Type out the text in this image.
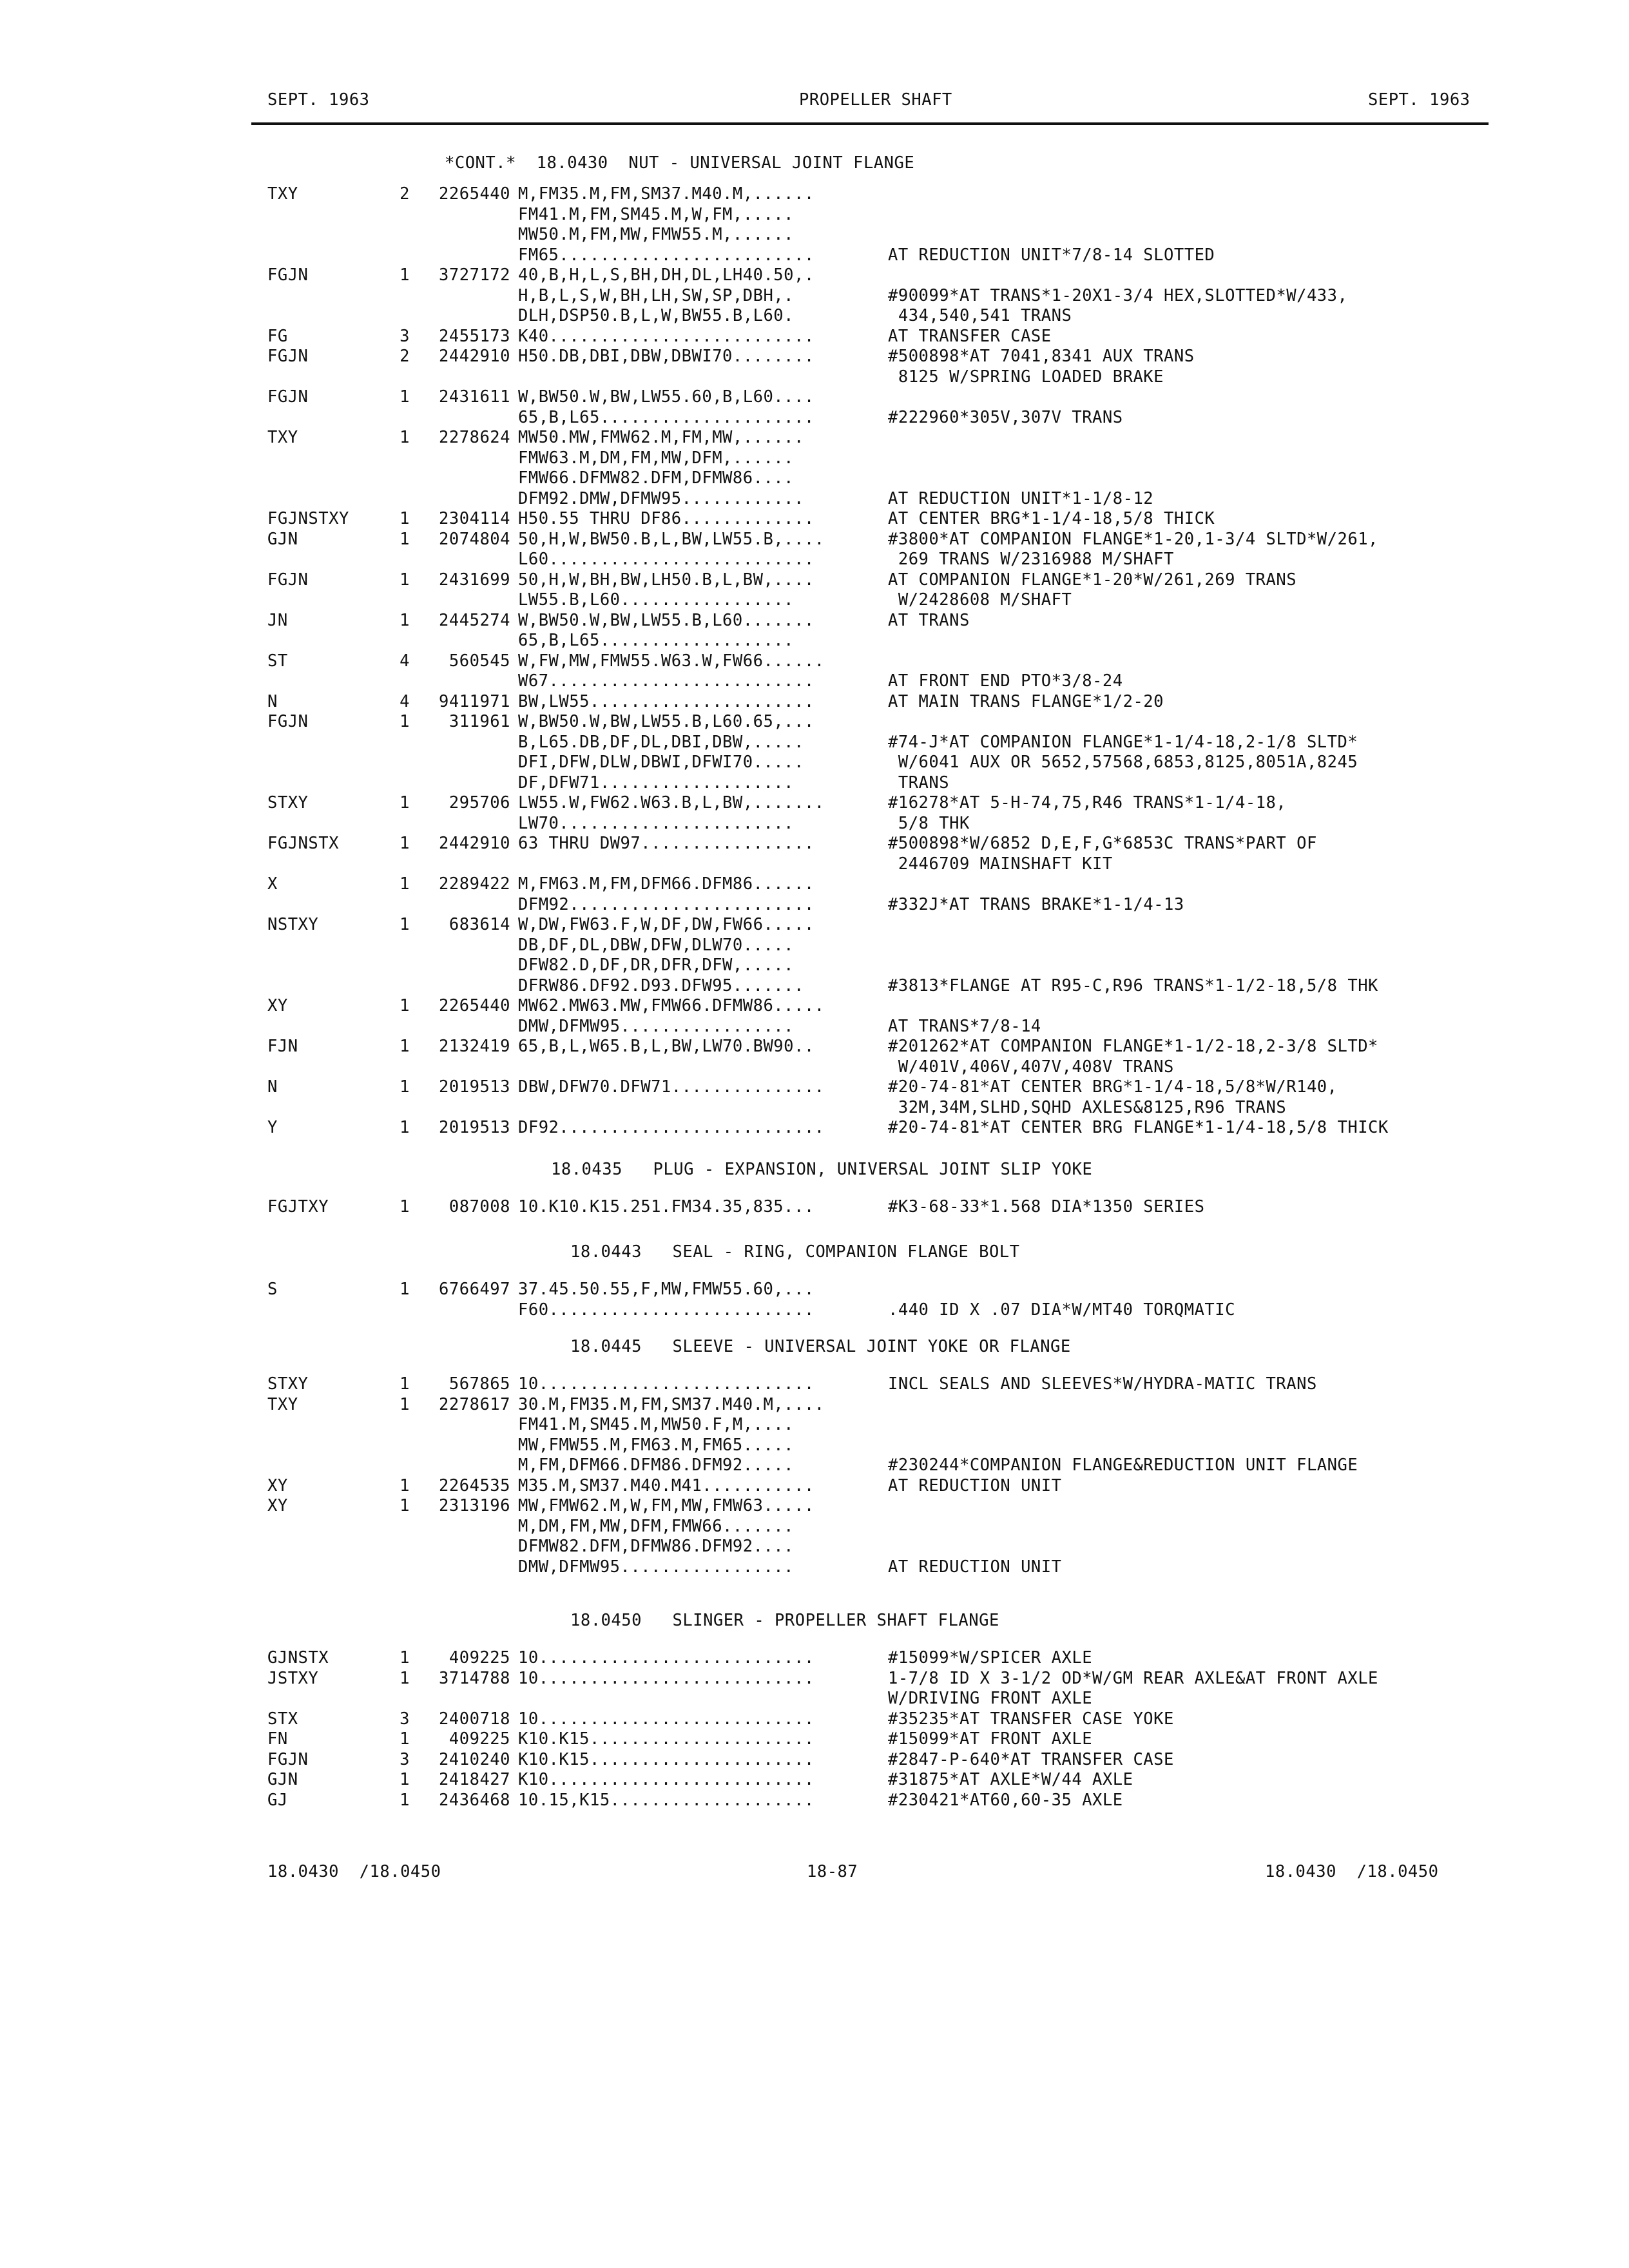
SEPT. 1963	PROPELLER SHAFT	SEPT. 1963
*CONT.*  18.0430  NUT - UNIVERSAL JOINT FLANGE
TXY	2	2265440 M,FM35.M,FM,SM37.M40.M,......
FM41.M,FM,SM45.M,W,FM,.....
MW50.M,FM,MW,FMW55.M,......
FM65.........................	AT REDUCTION UNIT*7/8-14 SLOTTED
FGJN	1	3727172 40,B,H,L,S,BH,DH,DL,LH40.50,.
H,B,L,S,W,BH,LH,SW,SP,DBH,.	#90099*AT TRANS*1-20X1-3/4 HEX,SLOTTED*W/433,
DLH,DSP50.B,L,W,BW55.B,L60.	434,540,541 TRANS
FG	3	2455173 K40..........................	AT TRANSFER CASE
FGJN	2	2442910 H50.DB,DBI,DBW,DBWI70........	#500898*AT 7041,8341 AUX TRANS
8125 W/SPRING LOADED BRAKE
FGJN	1	2431611 W,BW50.W,BW,LW55.60,B,L60....
65,B,L65.....................	#222960*305V,307V TRANS
TXY	1	2278624 MW50.MW,FMW62.M,FM,MW,......
FMW63.M,DM,FM,MW,DFM,......
FMW66.DFMW82.DFM,DFMW86....
DFM92.DMW,DFMW95............	AT REDUCTION UNIT*1-1/8-12
FGJNSTXY	1	2304114 H50.55 THRU DF86.............	AT CENTER BRG*1-1/4-18,5/8 THICK
GJN	1	2074804 50,H,W,BW50.B,L,BW,LW55.B,....	#3800*AT COMPANION FLANGE*1-20,1-3/4 SLTD*W/261,
L60..........................	269 TRANS W/2316988 M/SHAFT
FGJN	1	2431699 50,H,W,BH,BW,LH50.B,L,BW,....	AT COMPANION FLANGE*1-20*W/261,269 TRANS
LW55.B,L60.................	W/2428608 M/SHAFT
JN	1	2445274 W,BW50.W,BW,LW55.B,L60.......	AT TRANS
65,B,L65...................
ST	4	560545 W,FW,MW,FMW55.W63.W,FW66......
W67..........................	AT FRONT END PTO*3/8-24
N	4	9411971 BW,LW55......................	AT MAIN TRANS FLANGE*1/2-20
FGJN	1	311961 W,BW50.W,BW,LW55.B,L60.65,...
B,L65.DB,DF,DL,DBI,DBW,.....	#74-J*AT COMPANION FLANGE*1-1/4-18,2-1/8 SLTD*
DFI,DFW,DLW,DBWI,DFWI70.....	W/6041 AUX OR 5652,57568,6853,8125,8051A,8245
DF,DFW71...................	TRANS
STXY	1	295706 LW55.W,FW62.W63.B,L,BW,.......	#16278*AT 5-H-74,75,R46 TRANS*1-1/4-18,
LW70.......................	5/8 THK
FGJNSTX	1	2442910 63 THRU DW97.................	#500898*W/6852 D,E,F,G*6853C TRANS*PART OF
2446709 MAINSHAFT KIT
X	1	2289422 M,FM63.M,FM,DFM66.DFM86......
DFM92........................	#332J*AT TRANS BRAKE*1-1/4-13
NSTXY	1	683614 W,DW,FW63.F,W,DF,DW,FW66.....
DB,DF,DL,DBW,DFW,DLW70.....
DFW82.D,DF,DR,DFR,DFW,.....
DFRW86.DF92.D93.DFW95.......	#3813*FLANGE AT R95-C,R96 TRANS*1-1/2-18,5/8 THK
XY	1	2265440 MW62.MW63.MW,FMW66.DFMW86.....
DMW,DFMW95.................	AT TRANS*7/8-14
FJN	1	2132419 65,B,L,W65.B,L,BW,LW70.BW90..	#201262*AT COMPANION FLANGE*1-1/2-18,2-3/8 SLTD*
W/401V,406V,407V,408V TRANS
N	1	2019513 DBW,DFW70.DFW71...............	#20-74-81*AT CENTER BRG*1-1/4-18,5/8*W/R140,
32M,34M,SLHD,SQHD AXLES&8125,R96 TRANS
Y	1	2019513 DF92..........................	#20-74-81*AT CENTER BRG FLANGE*1-1/4-18,5/8 THICK
18.0435   PLUG - EXPANSION, UNIVERSAL JOINT SLIP YOKE
FGJTXY	1	087008 10.K10.K15.251.FM34.35,835...	#K3-68-33*1.568 DIA*1350 SERIES
18.0443   SEAL - RING, COMPANION FLANGE BOLT
S	1	6766497 37.45.50.55,F,MW,FMW55.60,...
F60..........................	.440 ID X .07 DIA*W/MT40 TORQMATIC
18.0445   SLEEVE - UNIVERSAL JOINT YOKE OR FLANGE
STXY	1	567865 10...........................	INCL SEALS AND SLEEVES*W/HYDRA-MATIC TRANS
TXY	1	2278617 30.M,FM35.M,FM,SM37.M40.M,....
FM41.M,SM45.M,MW50.F,M,....
MW,FMW55.M,FM63.M,FM65.....
M,FM,DFM66.DFM86.DFM92.....	#230244*COMPANION FLANGE&REDUCTION UNIT FLANGE
XY	1	2264535 M35.M,SM37.M40.M41...........	AT REDUCTION UNIT
XY	1	2313196 MW,FMW62.M,W,FM,MW,FMW63.....
M,DM,FM,MW,DFM,FMW66.......
DFMW82.DFM,DFMW86.DFM92....
DMW,DFMW95.................	AT REDUCTION UNIT
18.0450   SLINGER - PROPELLER SHAFT FLANGE
GJNSTX	1	409225 10...........................	#15099*W/SPICER AXLE
JSTXY	1	3714788 10...........................	1-7/8 ID X 3-1/2 OD*W/GM REAR AXLE&AT FRONT AXLE
W/DRIVING FRONT AXLE
STX	3	2400718 10...........................	#35235*AT TRANSFER CASE YOKE
FN	1	409225 K10.K15......................	#15099*AT FRONT AXLE
FGJN	3	2410240 K10.K15......................	#2847-P-640*AT TRANSFER CASE
GJN	1	2418427 K10..........................	#31875*AT AXLE*W/44 AXLE
GJ	1	2436468 10.15,K15....................	#230421*AT60,60-35 AXLE
18.0430  /18.0450	18-87	18.0430  /18.0450
